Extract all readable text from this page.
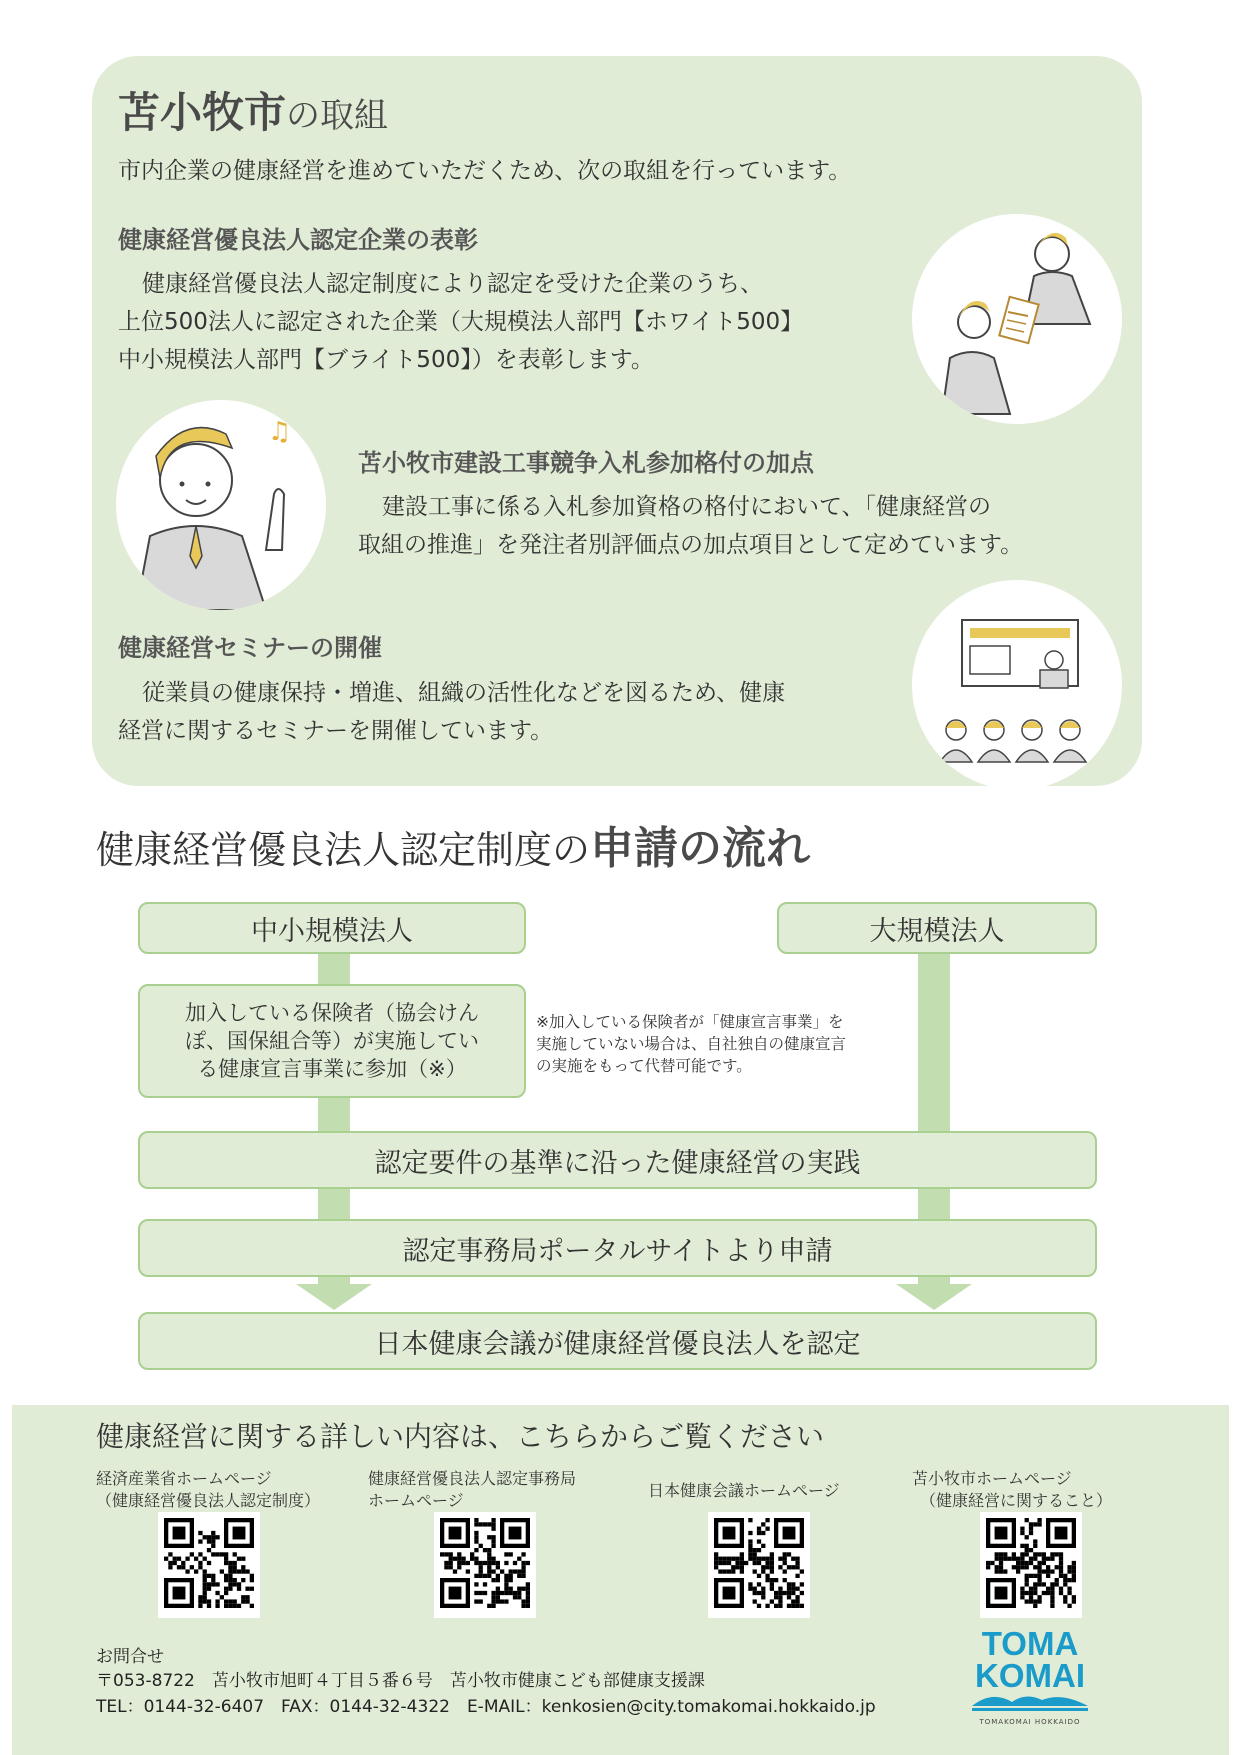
苫小牧市の取組
市内企業の健康経営を進めていただくため、次の取組を行っています。
健康経営優良法人認定企業の表彰
健康経営優良法人認定制度により認定を受けた企業のうち、
上位500法人に認定された企業（大規模法人部門【ホワイト500】
中小規模法人部門【ブライト500】）を表彰します。
♫
苫小牧市建設工事競争入札参加格付の加点
建設工事に係る入札参加資格の格付において、「健康経営の
取組の推進」を発注者別評価点の加点項目として定めています。
健康経営セミナーの開催
従業員の健康保持・増進、組織の活性化などを図るため、健康
経営に関するセミナーを開催しています。
健康経営優良法人認定制度の申請の流れ
中小規模法人	大規模法人
加入している保険者（協会けん
ぽ、国保組合等）が実施してい
る健康宣言事業に参加（※）
※加入している保険者が「健康宣言事業」を
実施していない場合は、自社独自の健康宣言
の実施をもって代替可能です。
認定要件の基準に沿った健康経営の実践
認定事務局ポータルサイトより申請
日本健康会議が健康経営優良法人を認定
健康経営に関する詳しい内容は、こちらからご覧ください
経済産業省ホームページ
（健康経営優良法人認定制度）
健康経営優良法人認定事務局
ホームページ
日本健康会議ホームページ
苫小牧市ホームページ
（健康経営に関すること）
お問合せ
〒053-8722　苫小牧市旭町４丁目５番６号　苫小牧市健康こども部健康支援課
TEL：0144-32-6407　FAX：0144-32-4322　E-MAIL：kenkosien@city.tomakomai.hokkaido.jp
TOMA
KOMAI
TOMAKOMAI HOKKAIDO
